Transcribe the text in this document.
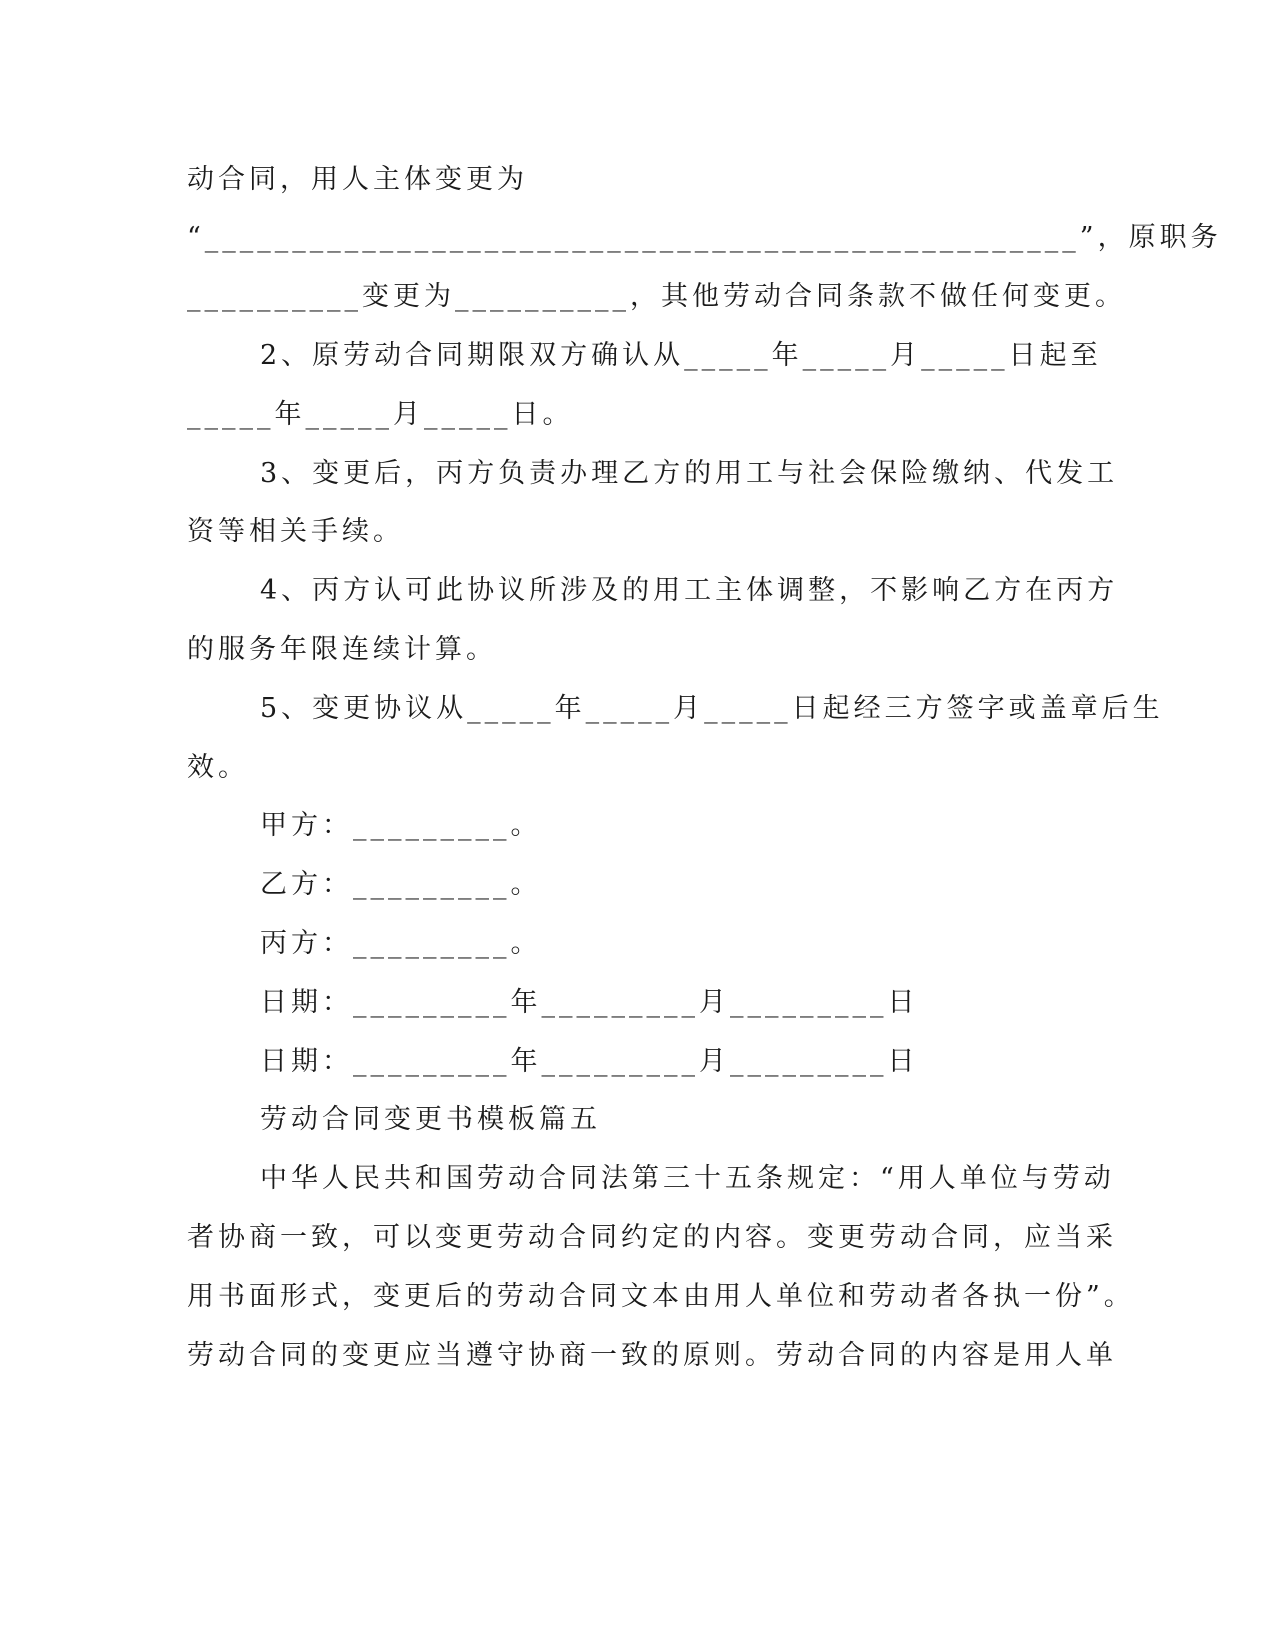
动合同，用人主体变更为
“__________________________________________________”，原职务
__________变更为__________，其他劳动合同条款不做任何变更。
2、原劳动合同期限双方确认从_____年_____月_____日起至
_____年_____月_____日。
3、变更后，丙方负责办理乙方的用工与社会保险缴纳、代发工
资等相关手续。
4、丙方认可此协议所涉及的用工主体调整，不影响乙方在丙方
的服务年限连续计算。
5、变更协议从_____年_____月_____日起经三方签字或盖章后生
效。
甲方：_________。
乙方：_________。
丙方：_________。
日期：_________年_________月_________日
日期：_________年_________月_________日
劳动合同变更书模板篇五
中华人民共和国劳动合同法第三十五条规定：“用人单位与劳动
者协商一致，可以变更劳动合同约定的内容。变更劳动合同，应当采
用书面形式，变更后的劳动合同文本由用人单位和劳动者各执一份”。
劳动合同的变更应当遵守协商一致的原则。劳动合同的内容是用人单
